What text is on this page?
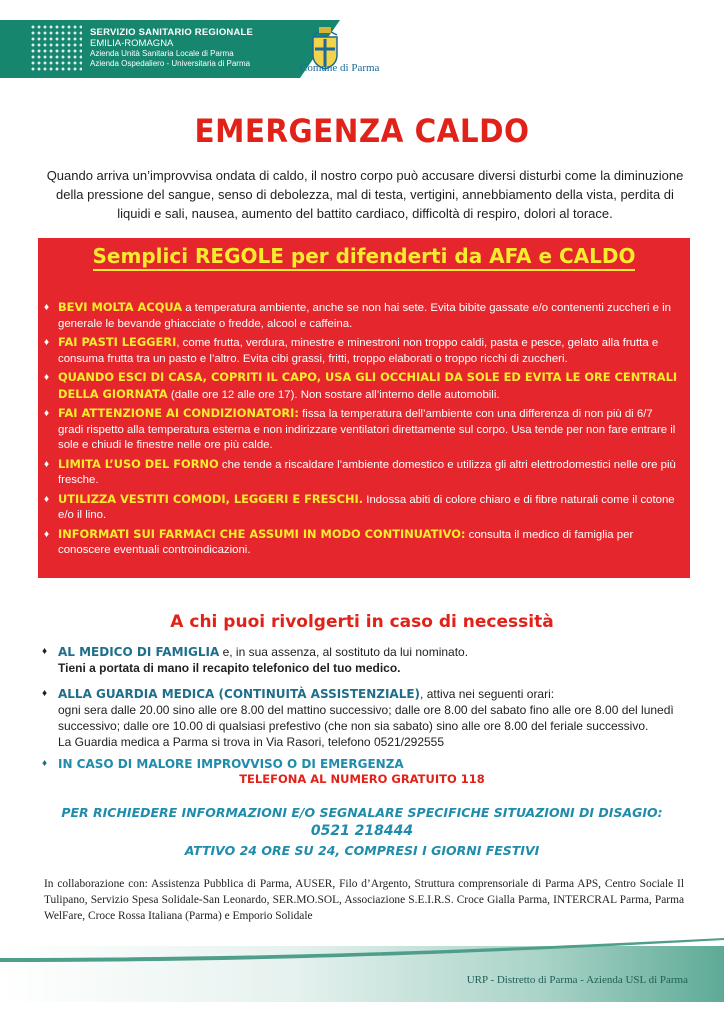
SERVIZIO SANITARIO REGIONALE
EMILIA-ROMAGNA
Azienda Unità Sanitaria Locale di Parma
Azienda Ospedaliero - Universitaria di Parma	Comune di Parma
EMERGENZA CALDO
Quando arriva un’improvvisa ondata di caldo, il nostro corpo può accusare diversi disturbi come la diminuzione della pressione del sangue, senso di debolezza, mal di testa, vertigini, annebbiamento della vista, perdita di liquidi e sali, nausea, aumento del battito cardiaco, difficoltà di respiro, dolori al torace.
Semplici REGOLE per difenderti da AFA e CALDO
♦ BEVI MOLTA ACQUA a temperatura ambiente, anche se non hai sete. Evita bibite gassate e/o contenenti zuccheri e in generale le bevande ghiacciate o fredde, alcool e caffeina.
♦ FAI PASTI LEGGERI, come frutta, verdura, minestre e minestroni non troppo caldi, pasta e pesce, gelato alla frutta e consuma frutta tra un pasto e l’altro. Evita cibi grassi, fritti, troppo elaborati o troppo ricchi di zuccheri.
♦ QUANDO ESCI DI CASA, COPRITI IL CAPO, USA GLI OCCHIALI DA SOLE ED EVITA LE ORE CENTRALI DELLA GIORNATA (dalle ore 12 alle ore 17). Non sostare all’interno delle automobili.
♦ FAI ATTENZIONE AI CONDIZIONATORI: fissa la temperatura dell’ambiente con una differenza di non più di 6/7 gradi rispetto alla temperatura esterna e non indirizzare ventilatori direttamente sul corpo. Usa tende per non fare entrare il sole e chiudi le finestre nelle ore più calde.
♦ LIMITA L’USO DEL FORNO che tende a riscaldare l’ambiente domestico e utilizza gli altri elettrodomestici nelle ore più fresche.
♦ UTILIZZA VESTITI COMODI, LEGGERI E FRESCHI. Indossa abiti di colore chiaro e di fibre naturali come il cotone e/o il lino.
♦ INFORMATI SUI FARMACI CHE ASSUMI IN MODO CONTINUATIVO: consulta il medico di famiglia per conoscere eventuali controindicazioni.
A chi puoi rivolgerti in caso di necessità
♦ AL MEDICO DI FAMIGLIA e, in sua assenza, al sostituto da lui nominato.
Tieni a portata di mano il recapito telefonico del tuo medico.
♦ ALLA GUARDIA MEDICA (CONTINUITÀ ASSISTENZIALE), attiva nei seguenti orari:
ogni sera dalle 20.00 sino alle ore 8.00 del mattino successivo; dalle ore 8.00 del sabato fino alle ore 8.00 del lunedì successivo; dalle ore 10.00 di qualsiasi prefestivo (che non sia sabato) sino alle ore 8.00 del feriale successivo.
La Guardia medica a Parma si trova in Via Rasori, telefono 0521/292555
♦ IN CASO DI MALORE IMPROVVISO O DI EMERGENZA
TELEFONA AL NUMERO GRATUITO 118
PER RICHIEDERE INFORMAZIONI E/O SEGNALARE SPECIFICHE SITUAZIONI DI DISAGIO:
0521 218444
ATTIVO 24 ORE SU 24, COMPRESI I GIORNI FESTIVI
In collaborazione con: Assistenza Pubblica di Parma, AUSER, Filo d’Argento, Struttura comprensoriale di Parma APS, Centro Sociale Il Tulipano, Servizio Spesa Solidale-San Leonardo, SER.MO.SOL, Associazione S.E.I.R.S. Croce Gialla Parma, INTERCRAL Parma, Parma WelFare, Croce Rossa Italiana (Parma) e Emporio Solidale
URP - Distretto di Parma - Azienda USL di Parma
